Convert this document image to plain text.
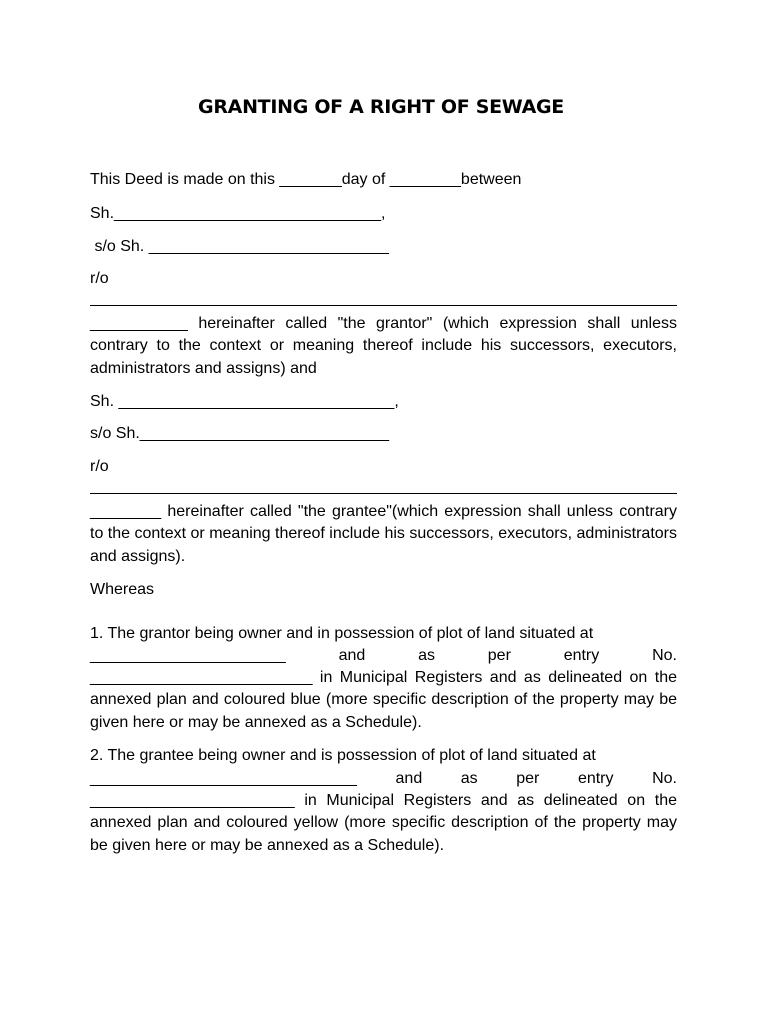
GRANTING OF A RIGHT OF SEWAGE
This Deed is made on this _______day of ________between
Sh.______________________________,
s/o Sh. ___________________________
r/o
___________ hereinafter called "the grantor" (which expression shall unless contrary to the context or meaning thereof include his successors, executors, administrators and assigns) and
Sh. _______________________________,
s/o Sh.____________________________
r/o
________ hereinafter called "the grantee"(which expression shall unless contrary to the context or meaning thereof include his successors, executors, administrators and assigns).
Whereas
1. The grantor being owner and in possession of plot of land situated at
______________________	and	as	per	entry	No.
_________________________ in Municipal Registers and as delineated on the annexed plan and coloured blue (more specific description of the property may be given here or may be annexed as a Schedule).
2. The grantee being owner and is possession of plot of land situated at
______________________________ and as per entry No.
_______________________ in Municipal Registers and as delineated on the annexed plan and coloured yellow (more specific description of the property may be given here or may be annexed as a Schedule).
